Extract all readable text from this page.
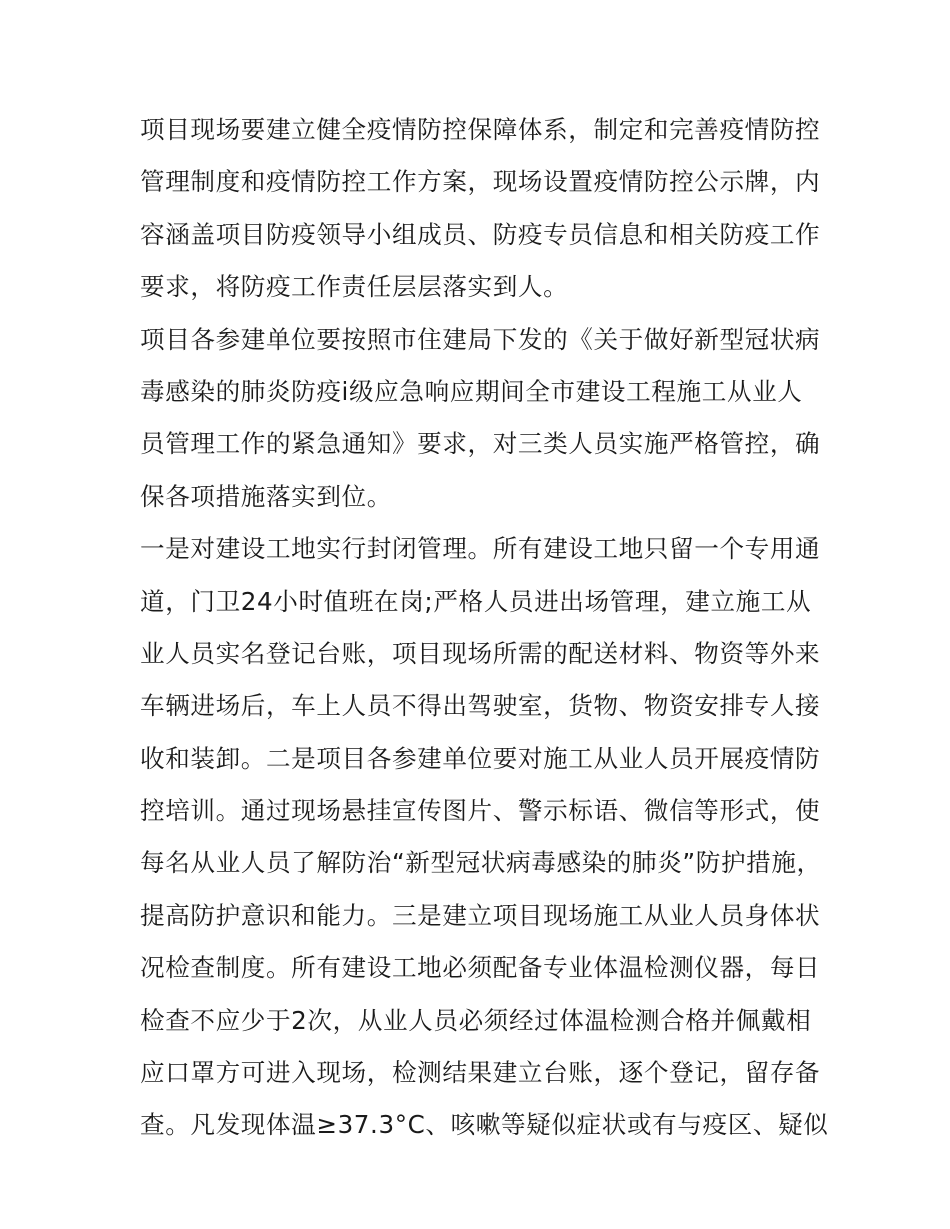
项目现场要建立健全疫情防控保障体系，制定和完善疫情防控
管理制度和疫情防控工作方案，现场设置疫情防控公示牌，内
容涵盖项目防疫领导小组成员、防疫专员信息和相关防疫工作
要求，将防疫工作责任层层落实到人。
项目各参建单位要按照市住建局下发的《关于做好新型冠状病
毒感染的肺炎防疫ⅰ级应急响应期间全市建设工程施工从业人
员管理工作的紧急通知》要求，对三类人员实施严格管控，确
保各项措施落实到位。
一是对建设工地实行封闭管理。所有建设工地只留一个专用通
道，门卫24小时值班在岗;严格人员进出场管理，建立施工从
业人员实名登记台账，项目现场所需的配送材料、物资等外来
车辆进场后，车上人员不得出驾驶室，货物、物资安排专人接
收和装卸。二是项目各参建单位要对施工从业人员开展疫情防
控培训。通过现场悬挂宣传图片、警示标语、微信等形式，使
每名从业人员了解防治“新型冠状病毒感染的肺炎”防护措施，
提高防护意识和能力。三是建立项目现场施工从业人员身体状
况检查制度。所有建设工地必须配备专业体温检测仪器，每日
检查不应少于2次，从业人员必须经过体温检测合格并佩戴相
应口罩方可进入现场，检测结果建立台账，逐个登记，留存备
查。凡发现体温≥37.3°C、咳嗽等疑似症状或有与疫区、疑似
